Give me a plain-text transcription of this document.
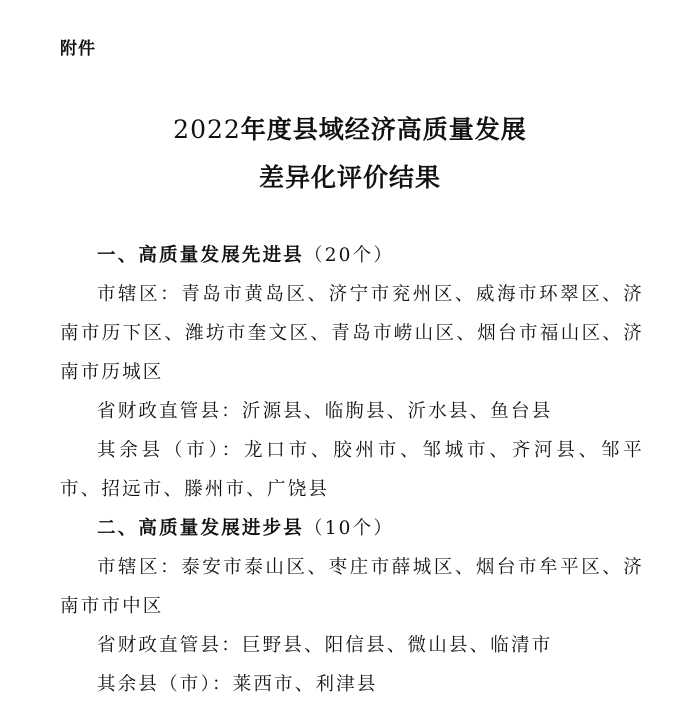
附件
2022年度县域经济高质量发展
差异化评价结果

一、高质量发展先进县（20个）

市辖区：青岛市黄岛区、济宁市兖州区、威海市环翠区、济南市历下区、潍坊市奎文区、青岛市崂山区、烟台市福山区、济南市历城区

省财政直管县：沂源县、临朐县、沂水县、鱼台县

其余县（市）：龙口市、胶州市、邹城市、齐河县、邹平市、招远市、滕州市、广饶县

二、高质量发展进步县（10个）

市辖区：泰安市泰山区、枣庄市薛城区、烟台市牟平区、济南市市中区

省财政直管县：巨野县、阳信县、微山县、临清市

其余县（市）：莱西市、利津县
